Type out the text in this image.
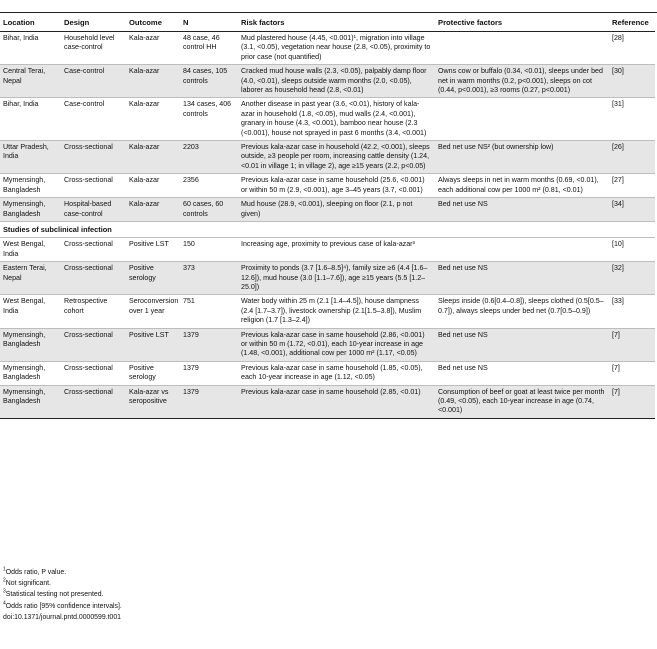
Location	Design	Outcome	N	Risk factors	Protective factors	Reference
Bihar, India	Household level case-control	Kala-azar	48 case, 46 control HH	Mud plastered house (4.45, <0.001)¹, migration into village (3.1, <0.05), vegetation near house (2.8, <0.05), proximity to prior case (not quantified)		[28]
Central Terai, Nepal	Case-control	Kala-azar	84 cases, 105 controls	Cracked mud house walls (2.3, <0.05), palpably damp floor (4.0, <0.01), sleeps outside warm months (2.0, <0.05), laborer as household head (2.8, <0.01)	Owns cow or buffalo (0.34, <0.01), sleeps under bed net in warm months (0.2, p<0.001), sleeps on cot (0.44, p<0.001), ≥3 rooms (0.27, p<0.001)	[30]
Bihar, India	Case-control	Kala-azar	134 cases, 406 controls	Another disease in past year (3.6, <0.01), history of kala-azar in household (1.8, <0.05), mud walls (2.4, <0.001), granary in house (4.3, <0.001), bamboo near house (2.3 (<0.001), house not sprayed in past 6 months (3.4, <0.001)		[31]
Uttar Pradesh, India	Cross-sectional	Kala-azar	2203	Previous kala-azar case in household (42.2, <0.001), sleeps outside, ≥3 people per room, increasing cattle density (1.24, <0.01 in village 1; in village 2), age ≥15 years (2.2, p<0.05)	Bed net use NS² (but ownership low)	[26]
Mymensingh, Bangladesh	Cross-sectional	Kala-azar	2356	Previous kala-azar case in same household (25.6, <0.001) or within 50 m (2.9, <0.001), age 3–45 years (3.7, <0.001)	Always sleeps in net in warm months (0.69, <0.01), each additional cow per 1000 m² (0.81, <0.01)	[27]
Mymensingh, Bangladesh	Hospital-based case-control	Kala-azar	60 cases, 60 controls	Mud house (28.9, <0.001), sleeping on floor (2.1, p not given)	Bed net use NS	[34]
Studies of subclinical infection						
West Bengal, India	Cross-sectional	Positive LST	150	Increasing age, proximity to previous case of kala-azar³		[10]
Eastern Terai, Nepal	Cross-sectional	Positive serology	373	Proximity to ponds (3.7 [1.6–8.5]⁴), family size ≥6 (4.4 [1.6–12.6]), mud house (3.0 [1.1–7.6]), age ≥15 years (5.5 [1.2–25.0])	Bed net use NS	[32]
West Bengal, India	Retrospective cohort	Seroconversion over 1 year	751	Water body within 25 m (2.1 [1.4–4.5]), house dampness (2.4 [1.7–3.7]), livestock ownership (2.1[1.5–3.8]), Muslim religion (1.7 [1.3–2.4])	Sleeps inside (0.6[0.4–0.8]), sleeps clothed (0.5[0.5–0.7]), always sleeps under bed net (0.7[0.5–0.9])	[33]
Mymensingh, Bangladesh	Cross-sectional	Positive LST	1379	Previous kala-azar case in same household (2.86, <0.001) or within 50 m (1.72, <0.01), each 10-year increase in age (1.48, <0.001), additional cow per 1000 m² (1.17, <0.05)	Bed net use NS	[7]
Mymensingh, Bangladesh	Cross-sectional	Positive serology	1379	Previous kala-azar case in same household (1.85, <0.05), each 10-year increase in age (1.12, <0.05)	Bed net use NS	[7]
Mymensingh, Bangladesh	Cross-sectional	Kala-azar vs seropositive	1379	Previous kala-azar case in same household (2.85, <0.01)	Consumption of beef or goat at least twice per month (0.49, <0.05), each 10-year increase in age (0.74, <0.001)	[7]
$^1$Odds ratio, P value.
$^2$Not significant.
$^3$Statistical testing not presented.
$^4$Odds ratio [95% confidence intervals].
doi:10.1371/journal.pntd.0000599.t001
